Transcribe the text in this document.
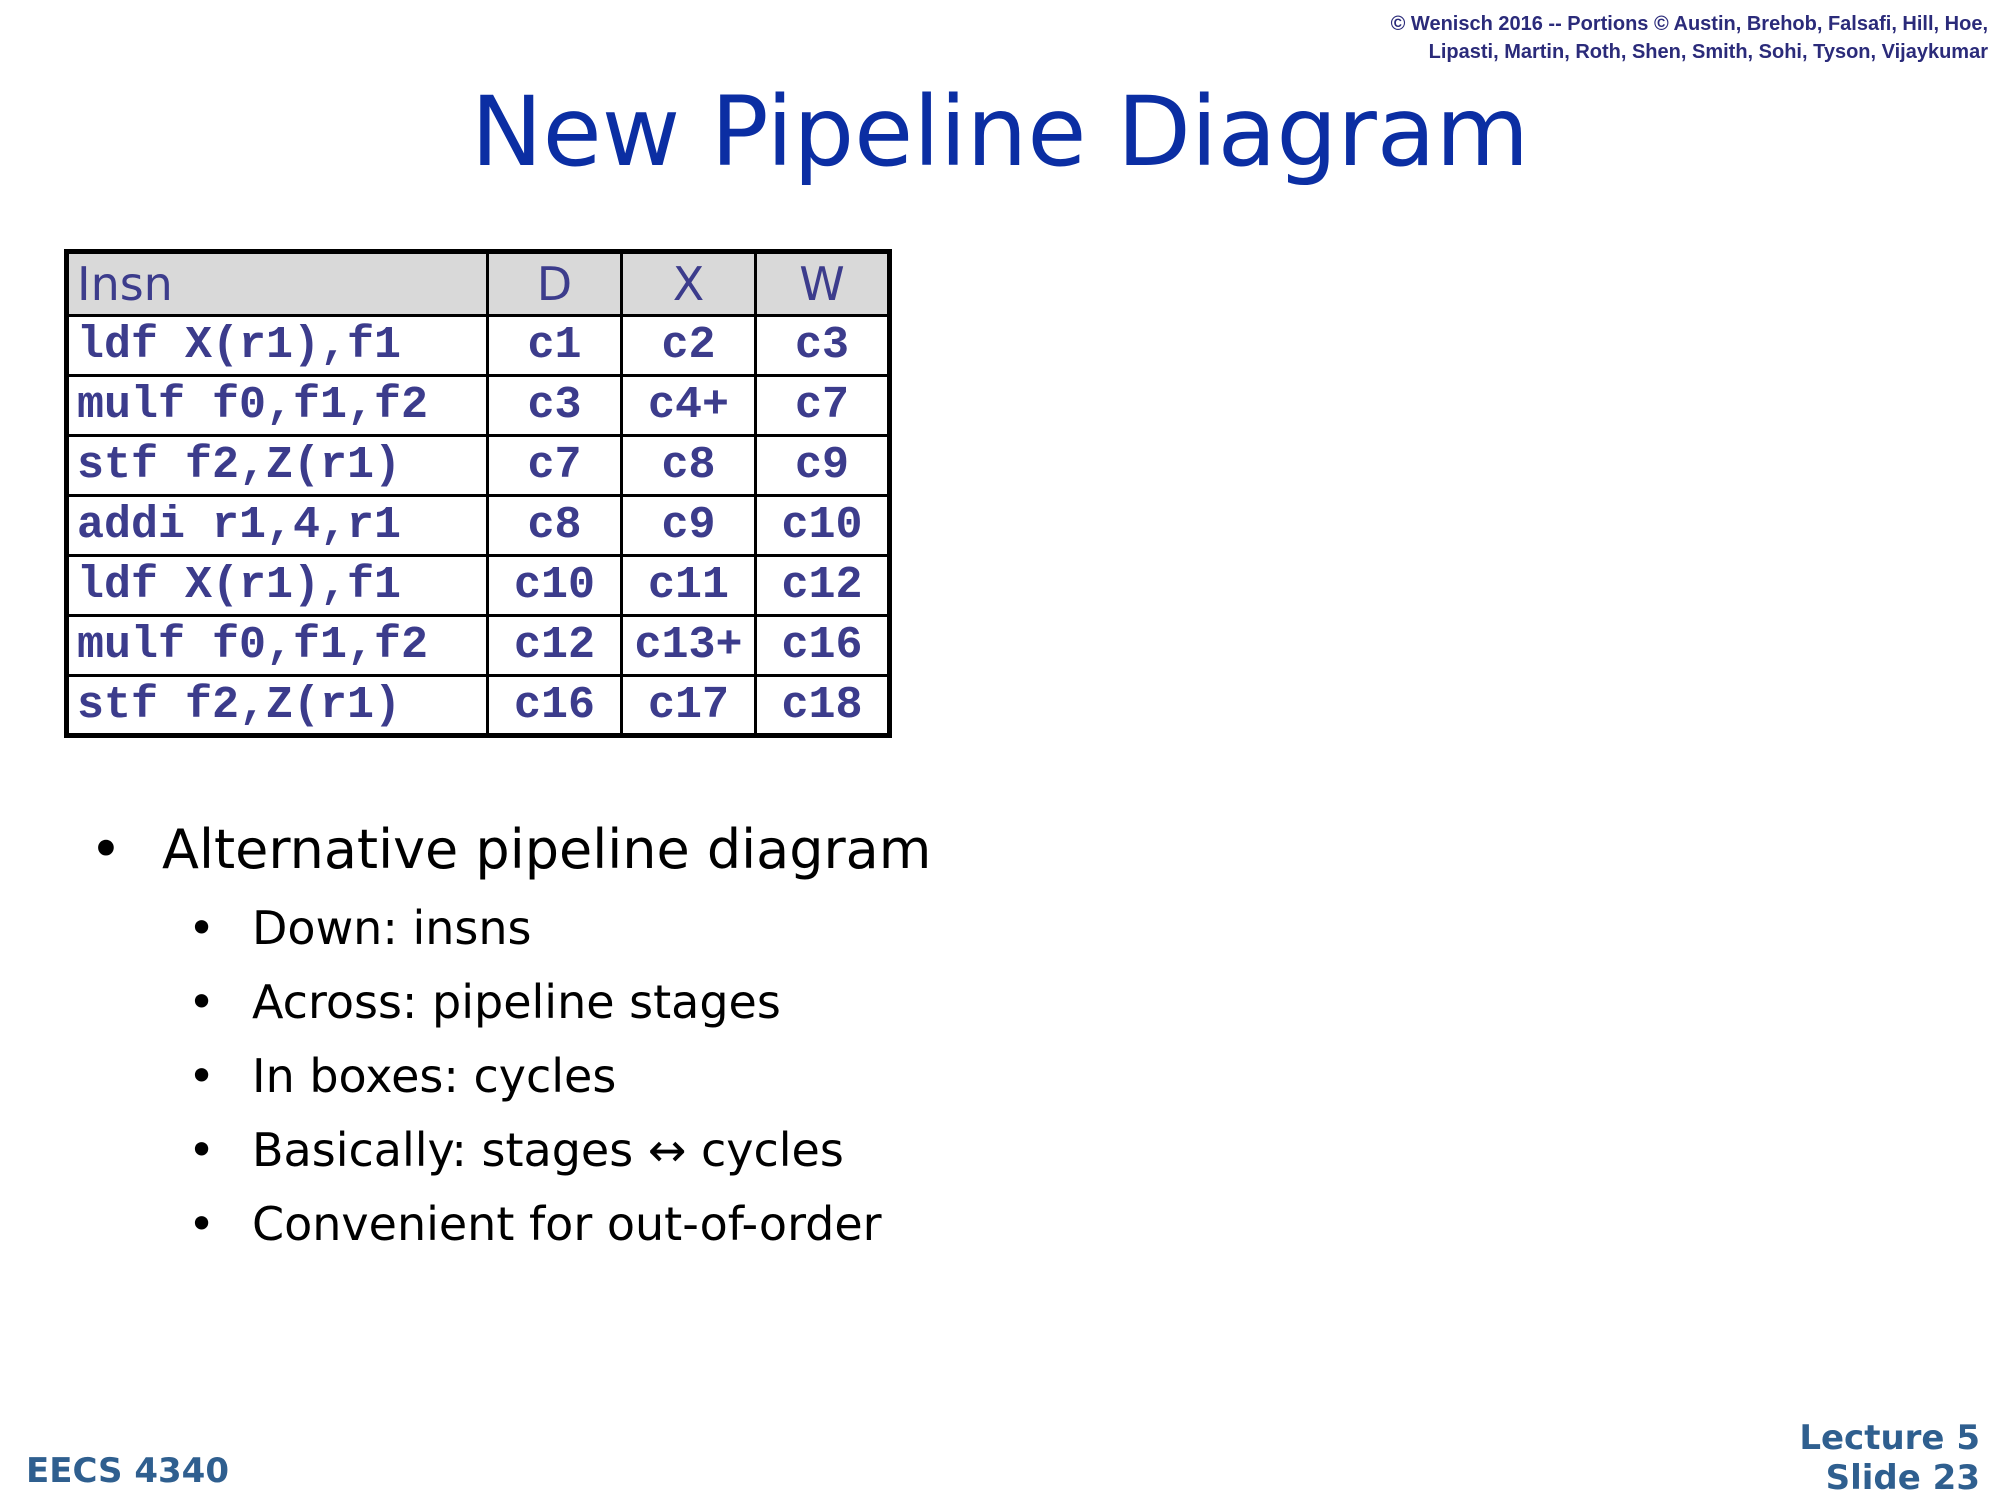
© Wenisch 2016 -- Portions © Austin, Brehob, Falsafi, Hill, Hoe,
Lipasti, Martin, Roth, Shen, Smith, Sohi, Tyson, Vijaykumar
New Pipeline Diagram
Insn	D	X	W
ldf X(r1),f1	c1	c2	c3
mulf f0,f1,f2	c3	c4+	c7
stf f2,Z(r1)	c7	c8	c9
addi r1,4,r1	c8	c9	c10
ldf X(r1),f1	c10	c11	c12
mulf f0,f1,f2	c12	c13+	c16
stf f2,Z(r1)	c16	c17	c18
• Alternative pipeline diagram
• Down: insns
• Across: pipeline stages
• In boxes: cycles
• Basically: stages ↔ cycles
• Convenient for out-of-order
EECS 4340
Lecture 5
Slide 23
